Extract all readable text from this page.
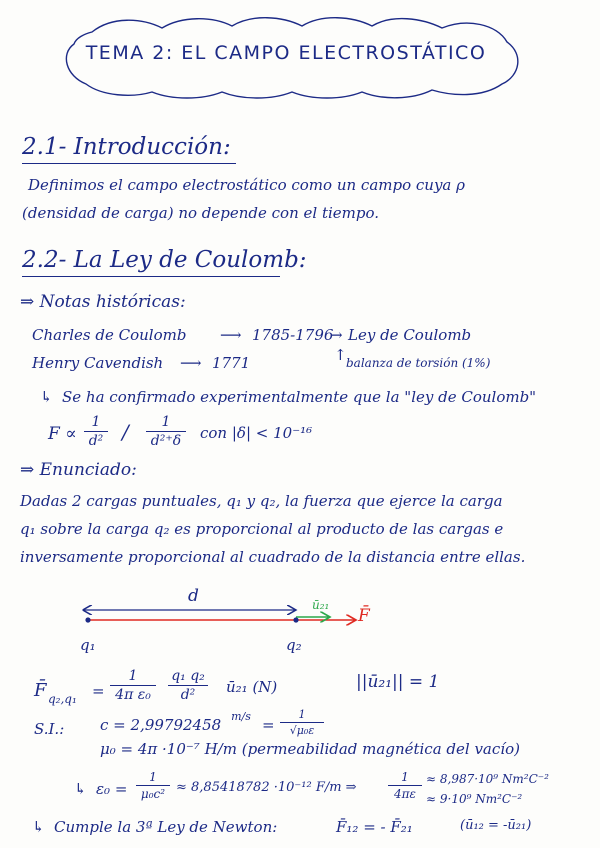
TEMA 2: EL CAMPO ELECTROSTÁTICO
2.1- Introducción:
Definimos el campo electrostático como un campo cuya ρ
(densidad de carga) no depende con el tiempo.
2.2- La Ley de Coulomb:
⇒ Notas históricas:
Charles de Coulomb ⟶ 1785-1796
→ Ley de Coulomb
Henry Cavendish ⟶ 1771	↑ balanza de torsión (1%)
↳ Se ha confirmado experimentalmente que la "ley de Coulomb"
F ∝
1
d² /	1
d²⁺δ	con |δ| < 10⁻¹⁶
⇒ Enunciado:
Dadas 2 cargas puntuales, q₁ y q₂, la fuerza que ejerce la carga
q₁ sobre la carga q₂ es proporcional al producto de las cargas e
inversamente proporcional al cuadrado de la distancia entre ellas.
d	ū₂₁
F̄
q₁	q₂
F̄ q₂,q₁ =
1
4π ε₀
q₁ q₂
d²	ū₂₁ (N)	||ū₂₁|| = 1
S.I.: c = 2,99792458 m/s =
1
√μ₀ε
μ₀ = 4π ·10⁻⁷ H/m (permeabilidad magnética del vacío)
↳ ε₀ =
1
μ₀c² ≈ 8,85418782 ·10⁻¹² F/m ⇒
1
4πε
≈ 8,987·10⁹ Nm²C⁻²
≈ 9·10⁹ Nm²C⁻²
↳ Cumple la 3ª Ley de Newton:	F̄₁₂ = - F̄₂₁	(ū₁₂ = -ū₂₁)
